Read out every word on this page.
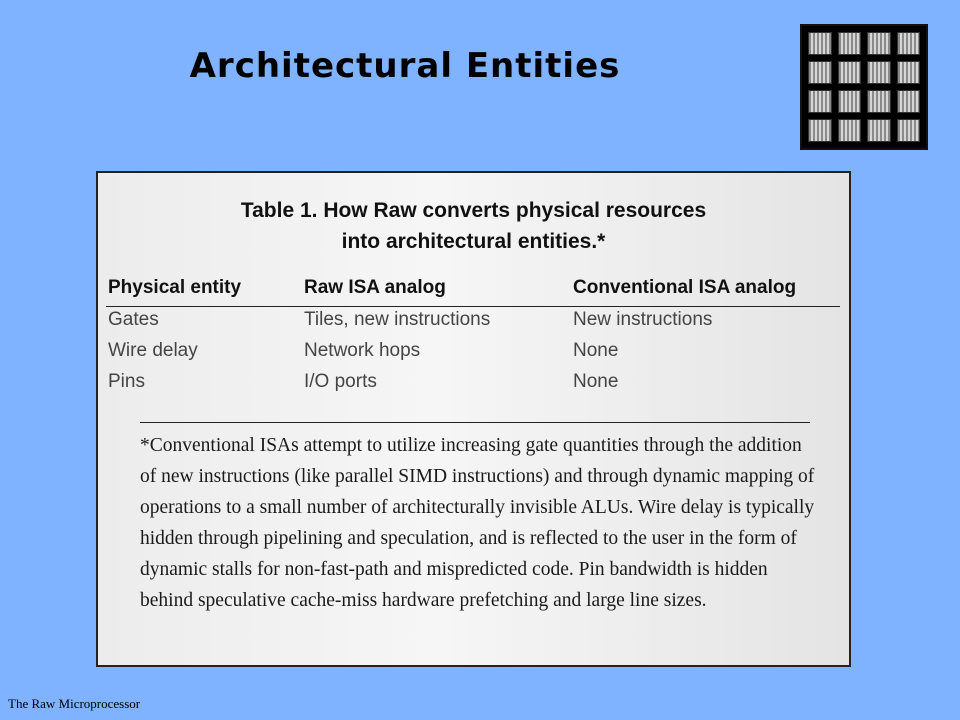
Architectural Entities
Table 1. How Raw converts physical resources
into architectural entities.*
Physical entity	Raw ISA analog	Conventional ISA analog
Gates	Tiles, new instructions	New instructions
Wire delay	Network hops	None
Pins	I/O ports	None
*Conventional ISAs attempt to utilize increasing gate quantities through the addition of new instructions (like parallel SIMD instructions) and through dynamic mapping of operations to a small number of architecturally invisible ALUs. Wire delay is typically hidden through pipelining and speculation, and is reflected to the user in the form of dynamic stalls for non-fast-path and mispredicted code. Pin bandwidth is hidden behind speculative cache-miss hardware prefetching and large line sizes.
The Raw Microprocessor
